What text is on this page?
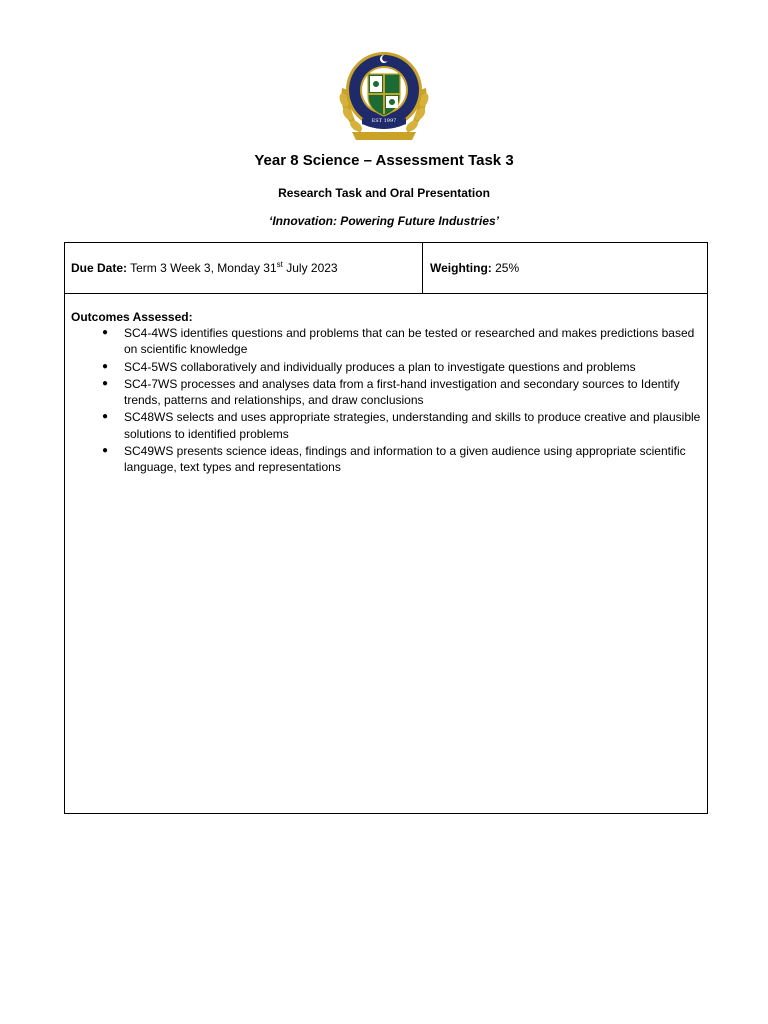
EST 1997
Year 8 Science – Assessment Task 3
Research Task and Oral Presentation
‘Innovation: Powering Future Industries’
Due Date: Term 3 Week 3, Monday 31st July 2023	Weighting: 25%

Outcomes Assessed:

● SC4-4WS identifies questions and problems that can be tested or researched and makes predictions based on scientific knowledge
● SC4-5WS collaboratively and individually produces a plan to investigate questions and problems
● SC4-7WS processes and analyses data from a first-hand investigation and secondary sources to Identify trends, patterns and relationships, and draw conclusions
● SC48WS selects and uses appropriate strategies, understanding and skills to produce creative and plausible solutions to identified problems
● SC49WS presents science ideas, findings and information to a given audience using appropriate scientific language, text types and representations
